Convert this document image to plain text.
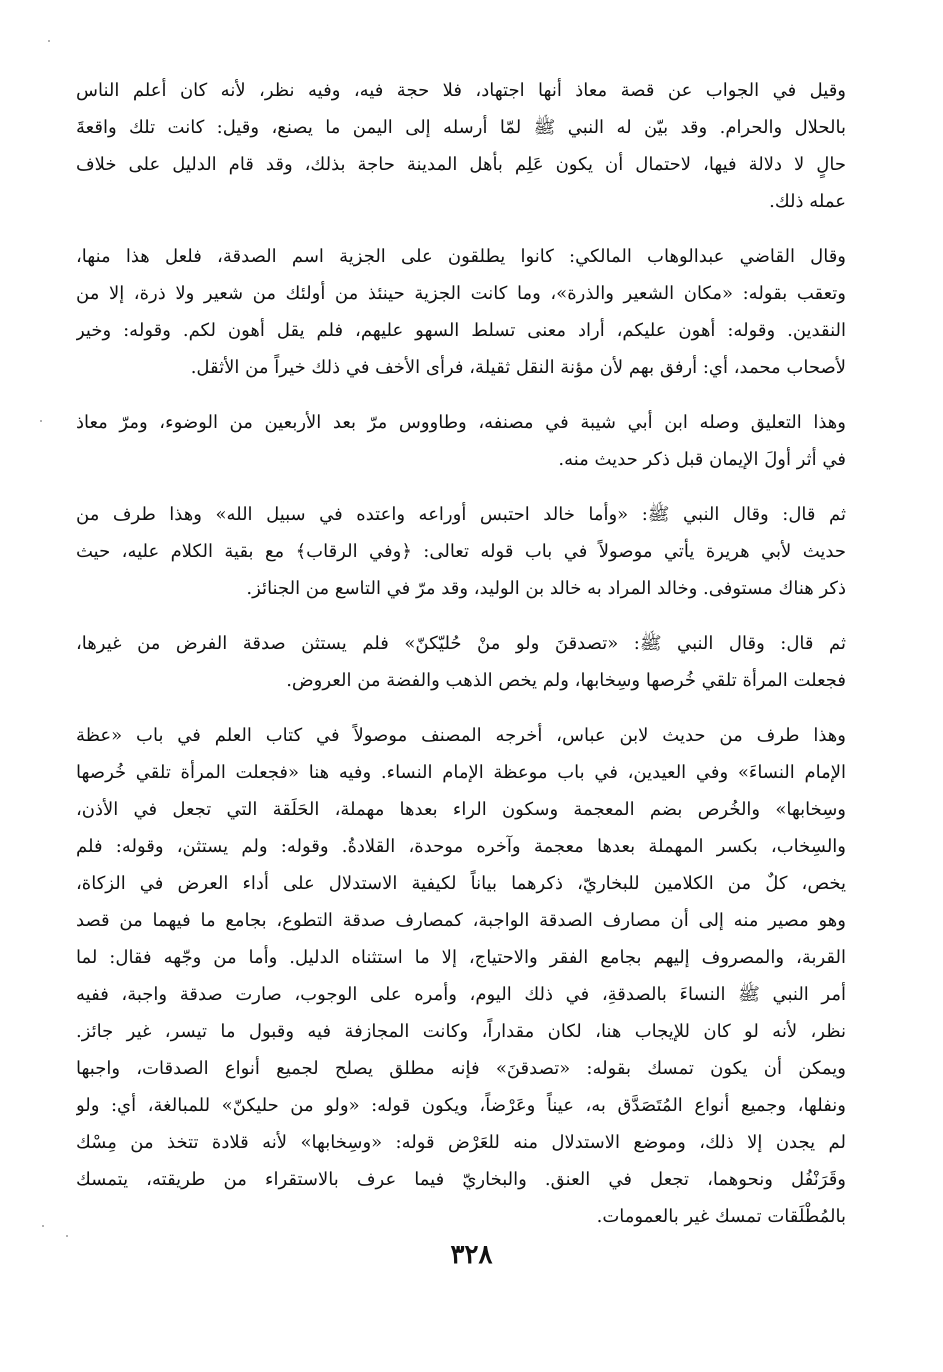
وقيل في الجواب عن قصة معاذ أنها اجتهاد، فلا حجة فيه، وفيه نظر، لأنه كان أعلم الناس
بالحلال والحرام. وقد بيّن له النبي ﷺ لمّا أرسله إلى اليمن ما يصنع، وقيل: كانت تلك واقعةَ
حالٍ لا دلالة فيها، لاحتمال أن يكون عَلِم بأهل المدينة حاجة بذلك، وقد قام الدليل على خلاف
عمله ذلك.

وقال القاضي عبدالوهاب المالكي: كانوا يطلقون على الجزية اسم الصدقة، فلعل هذا منها،
وتعقب بقوله: «مكان الشعير والذرة»، وما كانت الجزية حينئذ من أولئك من شعير ولا ذرة، إلا من
النقدين. وقوله: أهون عليكم، أراد معنى تسلط السهو عليهم، فلم يقل أهون لكم. وقوله: وخير
لأصحاب محمد، أي: أرفق بهم لأن مؤنة النقل ثقيلة، فرأى الأخف في ذلك خيراً من الأثقل.

وهذا التعليق وصله ابن أبي شيبة في مصنفه، وطاووس مرّ بعد الأربعين من الوضوء، ومرّ معاذ
في أثر أولَ الإيمان قبل ذكر حديث منه.

ثم قال: وقال النبي ﷺ: «وأما خالد احتبس أوراعه واعتده في سبيل الله» وهذا طرف من
حديث لأبي هريرة يأتي موصولاً في باب قوله تعالى: ﴿وفي الرقاب﴾ مع بقية الكلام عليه، حيث
ذكر هناك مستوفى. وخالد المراد به خالد بن الوليد، وقد مرّ في التاسع من الجنائز.

ثم قال: وقال النبي ﷺ: «تصدقنَ ولو منْ حُليّكنّ» فلم يستثن صدقة الفرض من غيرها،
فجعلت المرأة تلقي خُرصها وسِخابها، ولم يخص الذهب والفضة من العروض.

وهذا طرف من حديث لابن عباس، أخرجه المصنف موصولاً في كتاب العلم في باب «عظة
الإمام النساءَ» وفي العيدين، في باب موعظة الإمام النساء. وفيه هنا «فجعلت المرأة تلقي خُرصها
وسِخابها» والخُرص بضم المعجمة وسكون الراء بعدها مهملة، الحَلَقة التي تجعل في الأذن،
والسِخاب، بكسر المهملة بعدها معجمة وآخره موحدة، القلادةُ. وقوله: ولم يستثن، وقوله: فلم
يخص، كلٌ من الكلامين للبخاريّ، ذكرهما بياناً لكيفية الاستدلال على أداء العرض في الزكاة،
وهو مصير منه إلى أن مصارف الصدقة الواجبة، كمصارف صدقة التطوع، بجامع ما فيهما من قصد
القربة، والمصروف إليهم بجامع الفقر والاحتياج، إلا ما استثناه الدليل. وأما من وجّهه فقال: لما
أمر النبي ﷺ النساءَ بالصدقةِ، في ذلك اليوم، وأمره على الوجوب، صارت صدقة واجبة، ففيه
نظر، لأنه لو كان للإيجاب هنا، لكان مقداراً، وكانت المجازفة فيه وقبول ما تيسر، غير جائز.
ويمكن أن يكون تمسك بقوله: «تصدقنَ» فإنه مطلق يصلح لجميع أنواع الصدقات، واجبها
ونفلها، وجميع أنواع المُتَصَدَّق به، عيناً وعَرْضاً، ويكون قوله: «ولو من حليكنّ» للمبالغة، أي: ولو
لم يجدن إلا ذلك، وموضع الاستدلال منه للعَرْض قوله: «وسِخابها» لأنه قلادة تتخذ من مِسْك
وقَرَنْفُل ونحوهما، تجعل في العنق. والبخاريّ فيما عرف بالاستقراء من طريقته، يتمسك
بالمُطْلَقات تمسك غير بالعمومات.

٣٢٨
